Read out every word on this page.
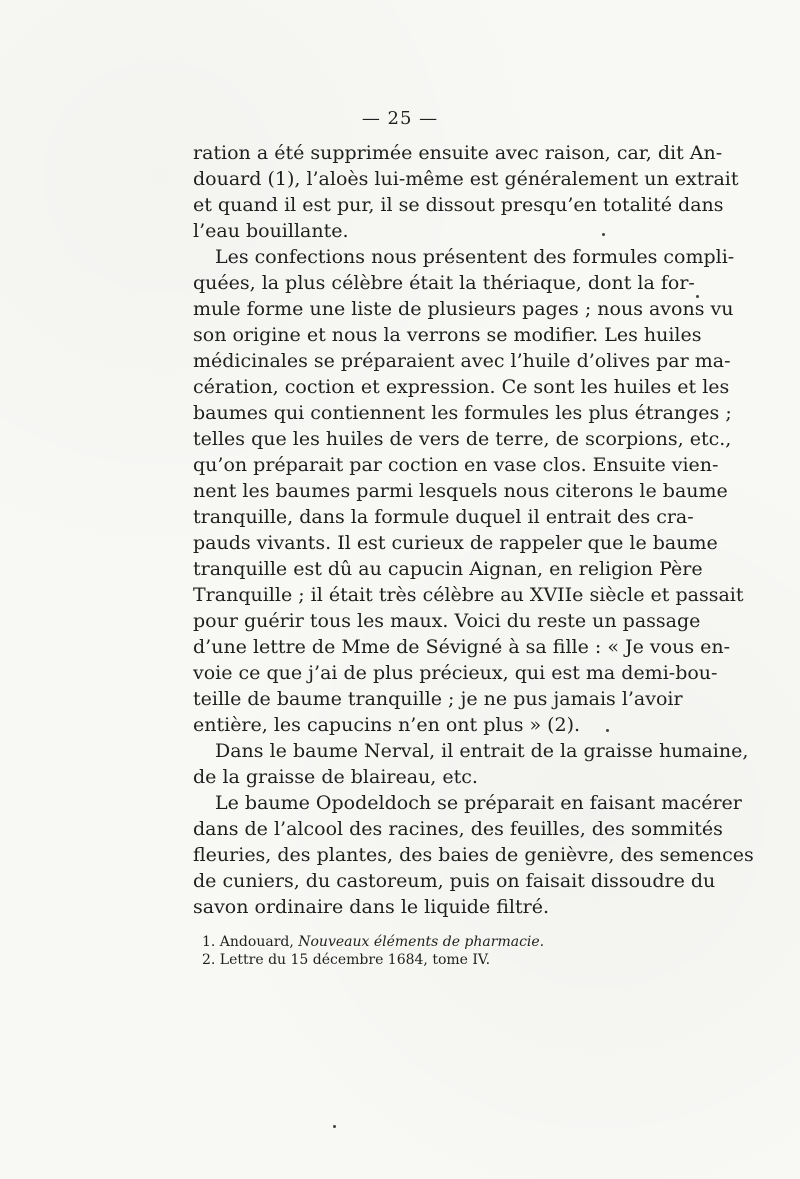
— 25 —
ration a été supprimée ensuite avec raison, car, dit An-
douard (1), l’aloès lui-même est généralement un extrait
et quand il est pur, il se dissout presqu’en totalité dans
l’eau bouillante.
Les confections nous présentent des formules compli-
quées, la plus célèbre était la thériaque, dont la for-
mule forme une liste de plusieurs pages ; nous avons vu
son origine et nous la verrons se modifier. Les huiles
médicinales se préparaient avec l’huile d’olives par ma-
cération, coction et expression. Ce sont les huiles et les
baumes qui contiennent les formules les plus étranges ;
telles que les huiles de vers de terre, de scorpions, etc.,
qu’on préparait par coction en vase clos. Ensuite vien-
nent les baumes parmi lesquels nous citerons le baume
tranquille, dans la formule duquel il entrait des cra-
pauds vivants. Il est curieux de rappeler que le baume
tranquille est dû au capucin Aignan, en religion Père
Tranquille ; il était très célèbre au XVIIe siècle et passait
pour guérir tous les maux. Voici du reste un passage
d’une lettre de Mme de Sévigné à sa fille : « Je vous en-
voie ce que j’ai de plus précieux, qui est ma demi-bou-
teille de baume tranquille ; je ne pus jamais l’avoir
entière, les capucins n’en ont plus » (2).
Dans le baume Nerval, il entrait de la graisse humaine,
de la graisse de blaireau, etc.
Le baume Opodeldoch se préparait en faisant macérer
dans de l’alcool des racines, des feuilles, des sommités
fleuries, des plantes, des baies de genièvre, des semences
de cuniers, du castoreum, puis on faisait dissoudre du
savon ordinaire dans le liquide filtré.
1. Andouard, Nouveaux éléments de pharmacie.
2. Lettre du 15 décembre 1684, tome IV.
